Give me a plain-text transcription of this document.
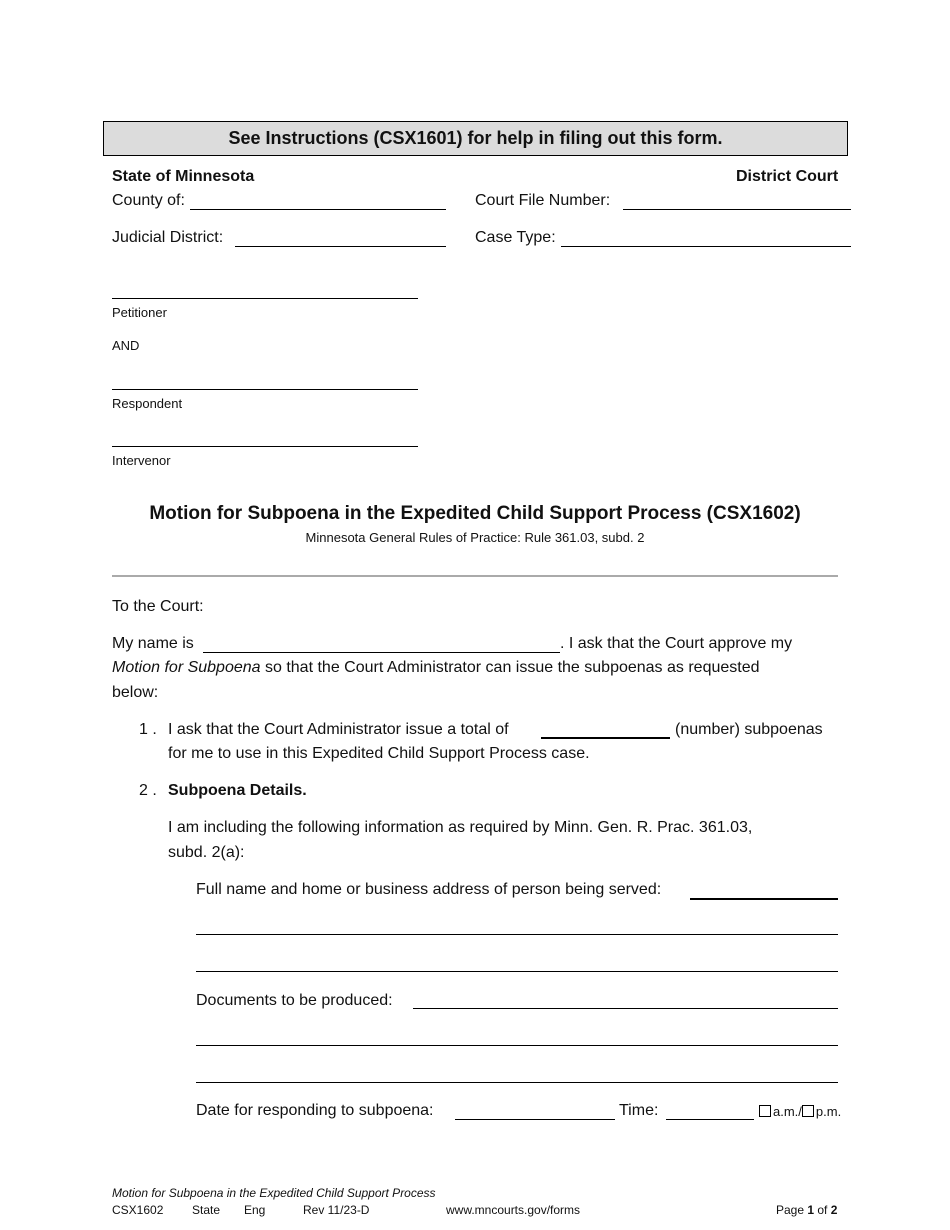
See Instructions (CSX1601) for help in filing out this form.
State of Minnesota	District Court
County of:	Court File Number:
Judicial District:	Case Type:
Petitioner
AND
Respondent
Intervenor
Motion for Subpoena in the Expedited Child Support Process (CSX1602)
Minnesota General Rules of Practice: Rule 361.03, subd. 2
To the Court:
My name is	. I ask that the Court approve my
Motion for Subpoena so that the Court Administrator can issue the subpoenas as requested
below:
1 . I ask that the Court Administrator issue a total of	(number) subpoenas
for me to use in this Expedited Child Support Process case.
2 . Subpoena Details.
I am including the following information as required by Minn. Gen. R. Prac. 361.03,
subd. 2(a):
Full name and home or business address of person being served:
Documents to be produced:
Date for responding to subpoena:	Time:	a.m./ p.m.
Motion for Subpoena in the Expedited Child Support Process
CSX1602 State Eng	Rev 11/23-D	www.mncourts.gov/forms	Page 1 of 2
